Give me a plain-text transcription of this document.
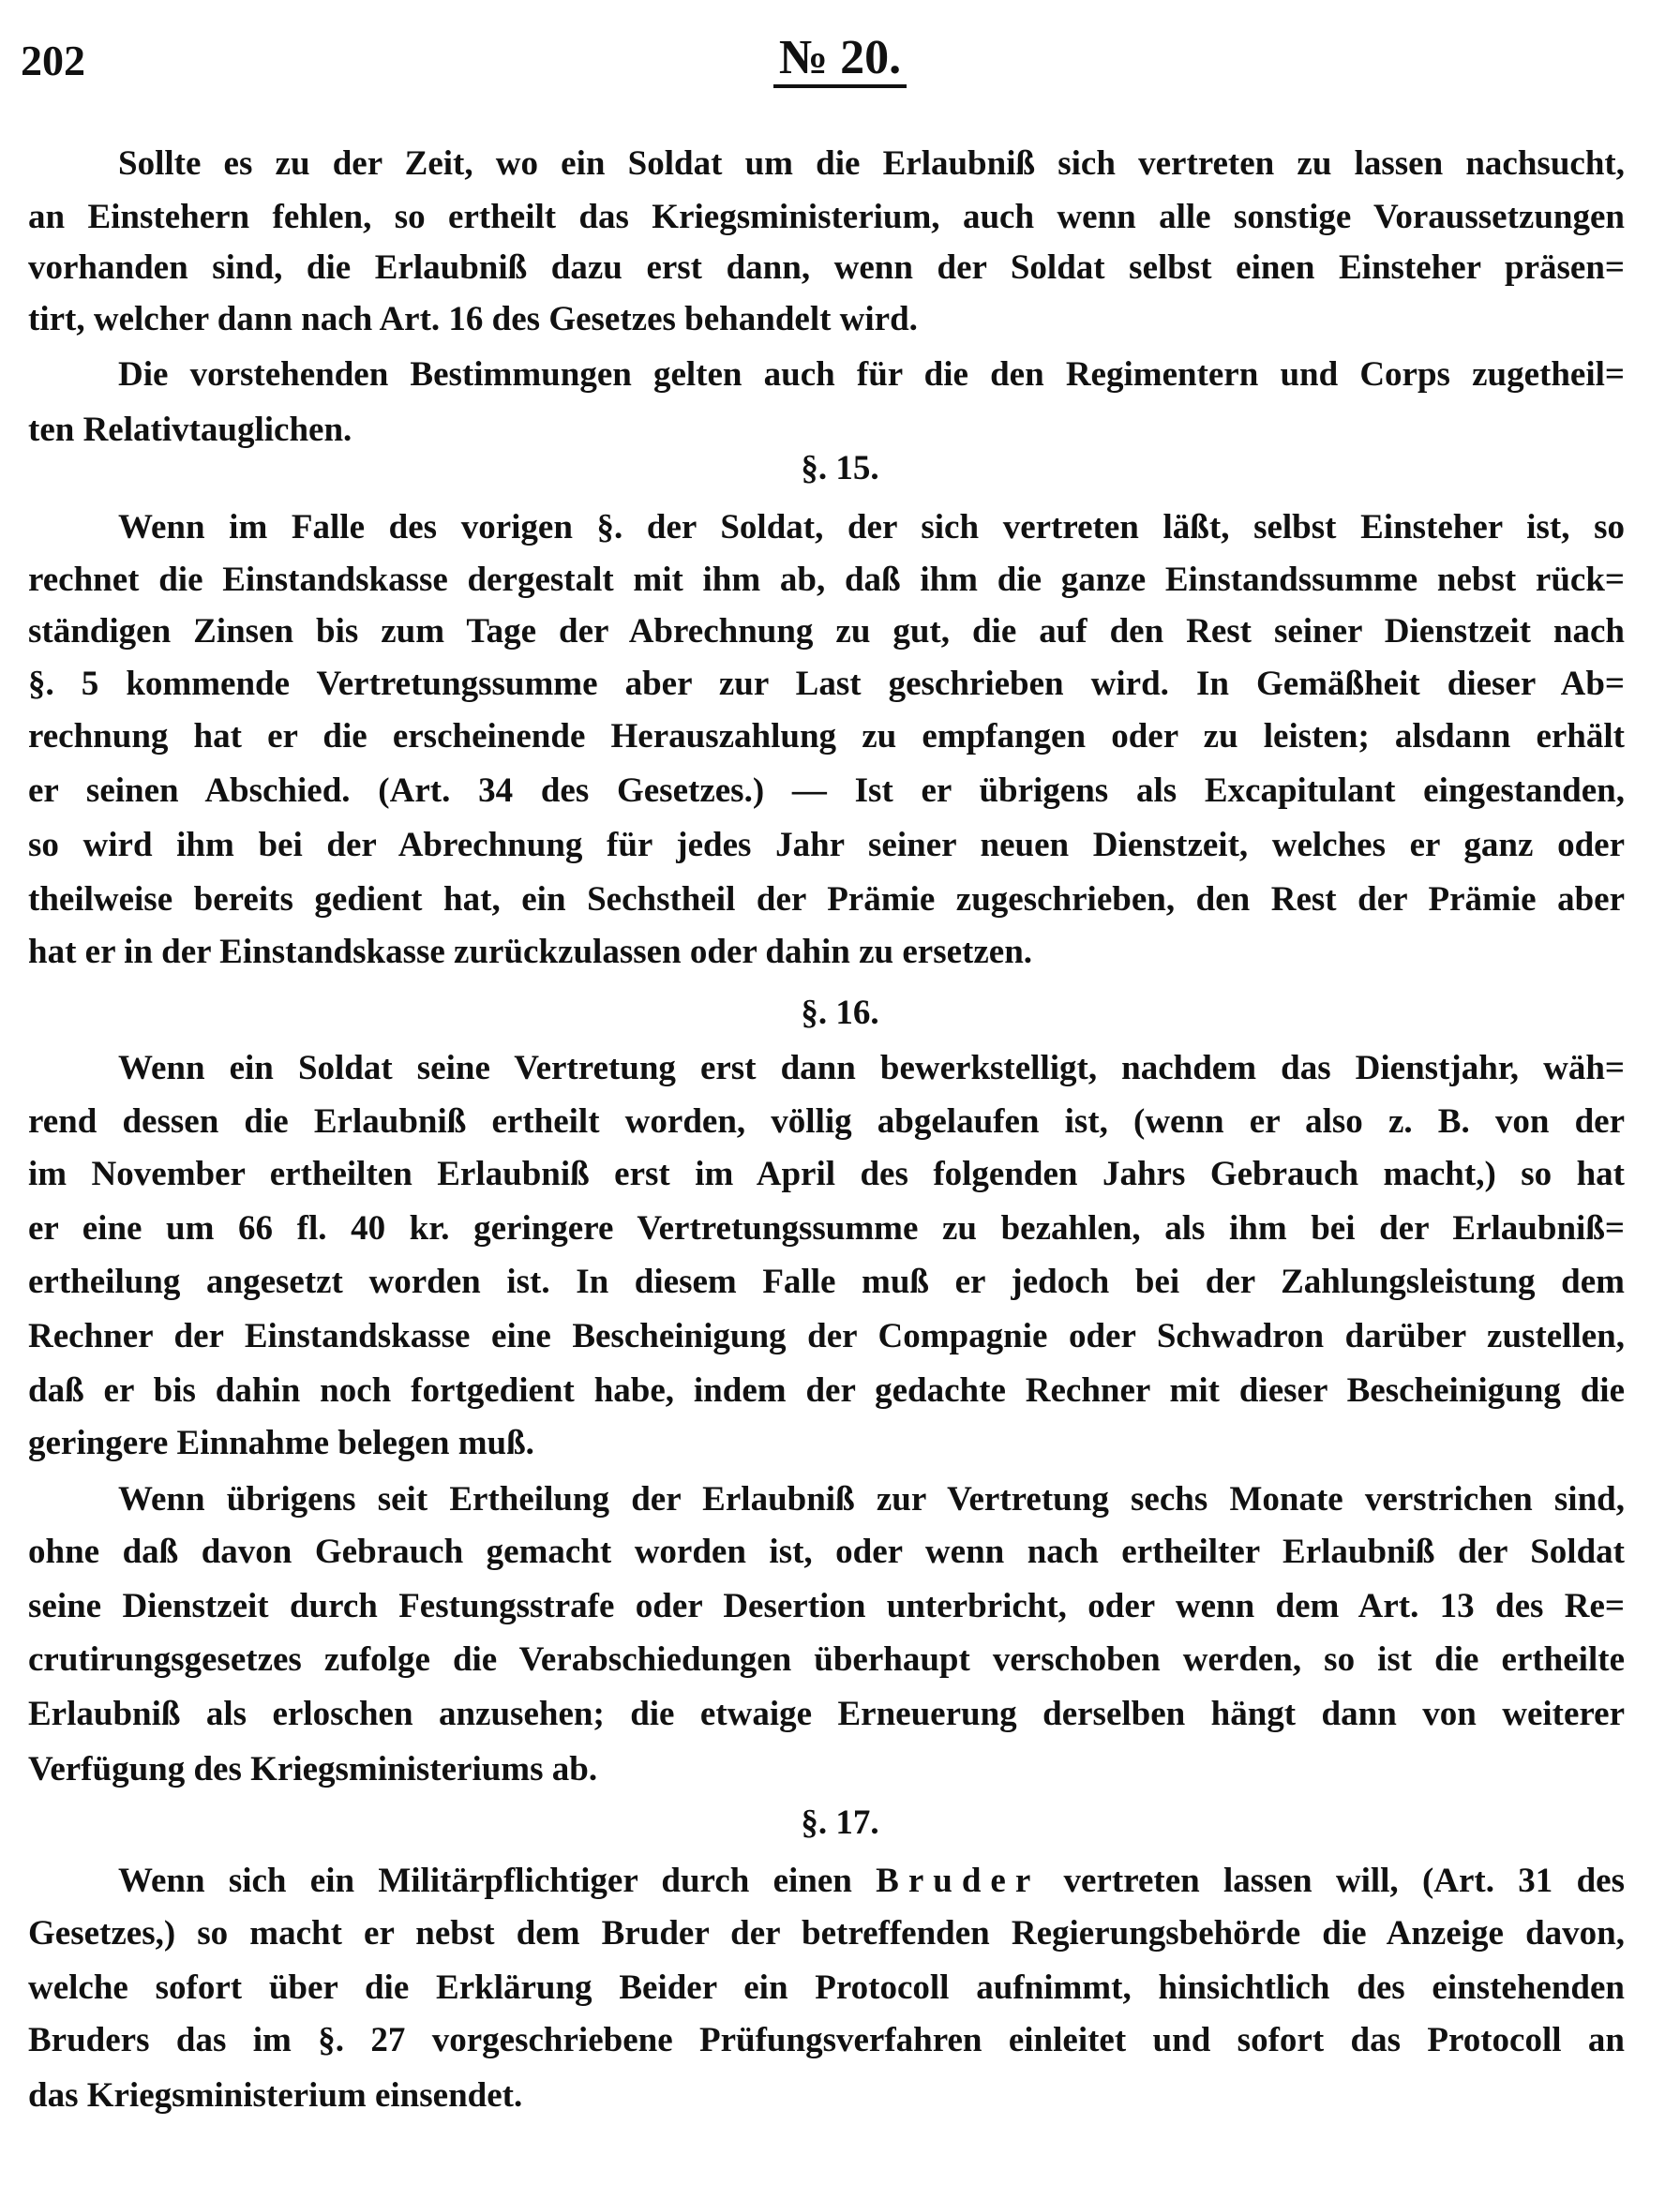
202	№ 20.
Sollte es zu der Zeit, wo ein Soldat um die Erlaubniß sich vertreten zu lassen nachsucht,
an Einstehern fehlen, so ertheilt das Kriegsministerium, auch wenn alle sonstige Voraussetzungen
vorhanden sind, die Erlaubniß dazu erst dann, wenn der Soldat selbst einen Einsteher präsen=
tirt, welcher dann nach Art. 16 des Gesetzes behandelt wird.
Die vorstehenden Bestimmungen gelten auch für die den Regimentern und Corps zugetheil=
ten Relativtauglichen.
§. 15.
Wenn im Falle des vorigen §. der Soldat, der sich vertreten läßt, selbst Einsteher ist, so
rechnet die Einstandskasse dergestalt mit ihm ab, daß ihm die ganze Einstandssumme nebst rück=
ständigen Zinsen bis zum Tage der Abrechnung zu gut, die auf den Rest seiner Dienstzeit nach
§. 5 kommende Vertretungssumme aber zur Last geschrieben wird. In Gemäßheit dieser Ab=
rechnung hat er die erscheinende Herauszahlung zu empfangen oder zu leisten; alsdann erhält
er seinen Abschied. (Art. 34 des Gesetzes.) — Ist er übrigens als Excapitulant eingestanden,
so wird ihm bei der Abrechnung für jedes Jahr seiner neuen Dienstzeit, welches er ganz oder
theilweise bereits gedient hat, ein Sechstheil der Prämie zugeschrieben, den Rest der Prämie aber
hat er in der Einstandskasse zurückzulassen oder dahin zu ersetzen.
§. 16.
Wenn ein Soldat seine Vertretung erst dann bewerkstelligt, nachdem das Dienstjahr, wäh=
rend dessen die Erlaubniß ertheilt worden, völlig abgelaufen ist, (wenn er also z. B. von der
im November ertheilten Erlaubniß erst im April des folgenden Jahrs Gebrauch macht,) so hat
er eine um 66 fl. 40 kr. geringere Vertretungssumme zu bezahlen, als ihm bei der Erlaubniß=
ertheilung angesetzt worden ist. In diesem Falle muß er jedoch bei der Zahlungsleistung dem
Rechner der Einstandskasse eine Bescheinigung der Compagnie oder Schwadron darüber zustellen,
daß er bis dahin noch fortgedient habe, indem der gedachte Rechner mit dieser Bescheinigung die
geringere Einnahme belegen muß.
Wenn übrigens seit Ertheilung der Erlaubniß zur Vertretung sechs Monate verstrichen sind,
ohne daß davon Gebrauch gemacht worden ist, oder wenn nach ertheilter Erlaubniß der Soldat
seine Dienstzeit durch Festungsstrafe oder Desertion unterbricht, oder wenn dem Art. 13 des Re=
crutirungsgesetzes zufolge die Verabschiedungen überhaupt verschoben werden, so ist die ertheilte
Erlaubniß als erloschen anzusehen; die etwaige Erneuerung derselben hängt dann von weiterer
Verfügung des Kriegsministeriums ab.
§. 17.
Wenn sich ein Militärpflichtiger durch einen Bruder vertreten lassen will, (Art. 31 des
Gesetzes,) so macht er nebst dem Bruder der betreffenden Regierungsbehörde die Anzeige davon,
welche sofort über die Erklärung Beider ein Protocoll aufnimmt, hinsichtlich des einstehenden
Bruders das im §. 27 vorgeschriebene Prüfungsverfahren einleitet und sofort das Protocoll an
das Kriegsministerium einsendet.
